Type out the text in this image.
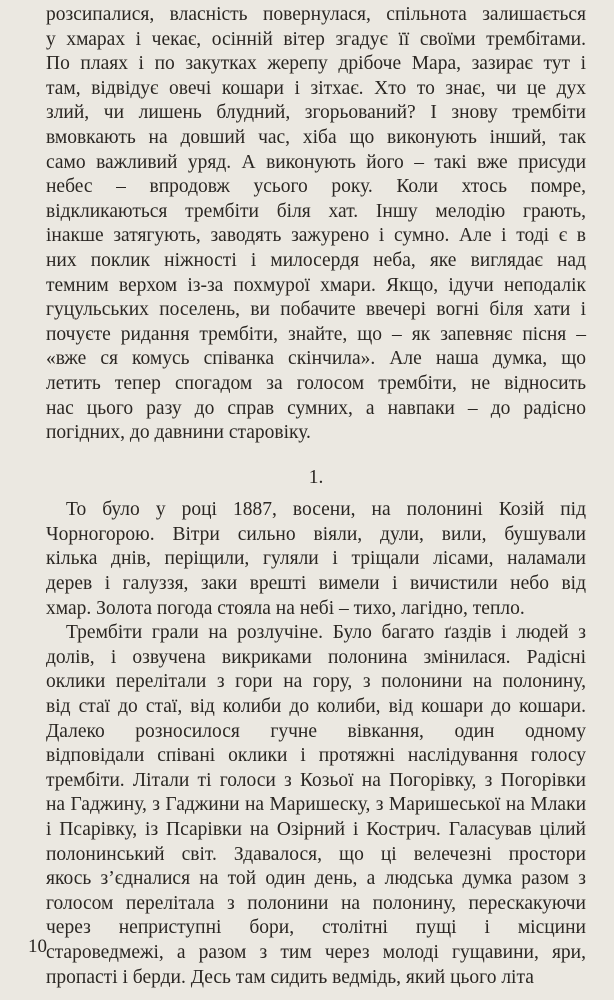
розсипалися, власність повернулася, спільнота залишається
у хмарах і чекає, осінній вітер згадує її своїми трембітами.
По плаях і по закутках жерепу дрібоче Мара, зазирає тут і
там, відвідує овечі кошари і зітхає. Хто то знає, чи це дух
злий, чи лишень блудний, згорьований? І знову трембіти
вмовкають на довший час, хіба що виконують інший, так
само важливий уряд. А виконують його – такі вже присуди
небес – впродовж усього року. Коли хтось помре,
відкликаються трембіти біля хат. Іншу мелодію грають,
інакше затягують, заводять зажурено і сумно. Але і тоді є в
них поклик ніжності і милосердя неба, яке виглядає над
темним верхом із-за похмурої хмари. Якщо, ідучи неподалік
гуцульських поселень, ви побачите ввечері вогні біля хати і
почуєте ридання трембіти, знайте, що – як запевняє пісня –
«вже ся комусь співанка скінчила». Але наша думка, що
летить тепер спогадом за голосом трембіти, не відносить
нас цього разу до справ сумних, а навпаки – до радісно
погідних, до давнини старовіку.

1.

То було у році 1887, восени, на полонині Козій під
Чорногорою. Вітри сильно віяли, дули, вили, бушували
кілька днів, періщили, гуляли і тріщали лісами, наламали
дерев і галуззя, заки врешті вимели і вичистили небо від
хмар. Золота погода стояла на небі – тихо, лагідно, тепло.

Трембіти грали на розлучіне. Було багато ґаздів і людей з
долів, і озвучена викриками полонина змінилася. Радісні
оклики перелітали з гори на гору, з полонини на полонину,
від стаї до стаї, від колиби до колиби, від кошари до кошари.
Далеко розносилося гучне вівкання, один одному
відповідали співані оклики і протяжні наслідування голосу
трембіти. Літали ті голоси з Козьої на Погорівку, з Погорівки
на Гаджину, з Гаджини на Маришеску, з Маришеської на Млаки
і Псарівку, із Псарівки на Озірний і Кострич. Галасував цілий
полонинський світ. Здавалося, що ці велечезні простори
якось з’єдналися на той один день, а людська думка разом з
голосом перелітала з полонини на полонину, перескакуючи
через неприступні бори, столітні пущі і місцини
староведмежі, а разом з тим через молоді гущавини, яри,
пропасті і берди. Десь там сидить ведмідь, який цього літа

10
